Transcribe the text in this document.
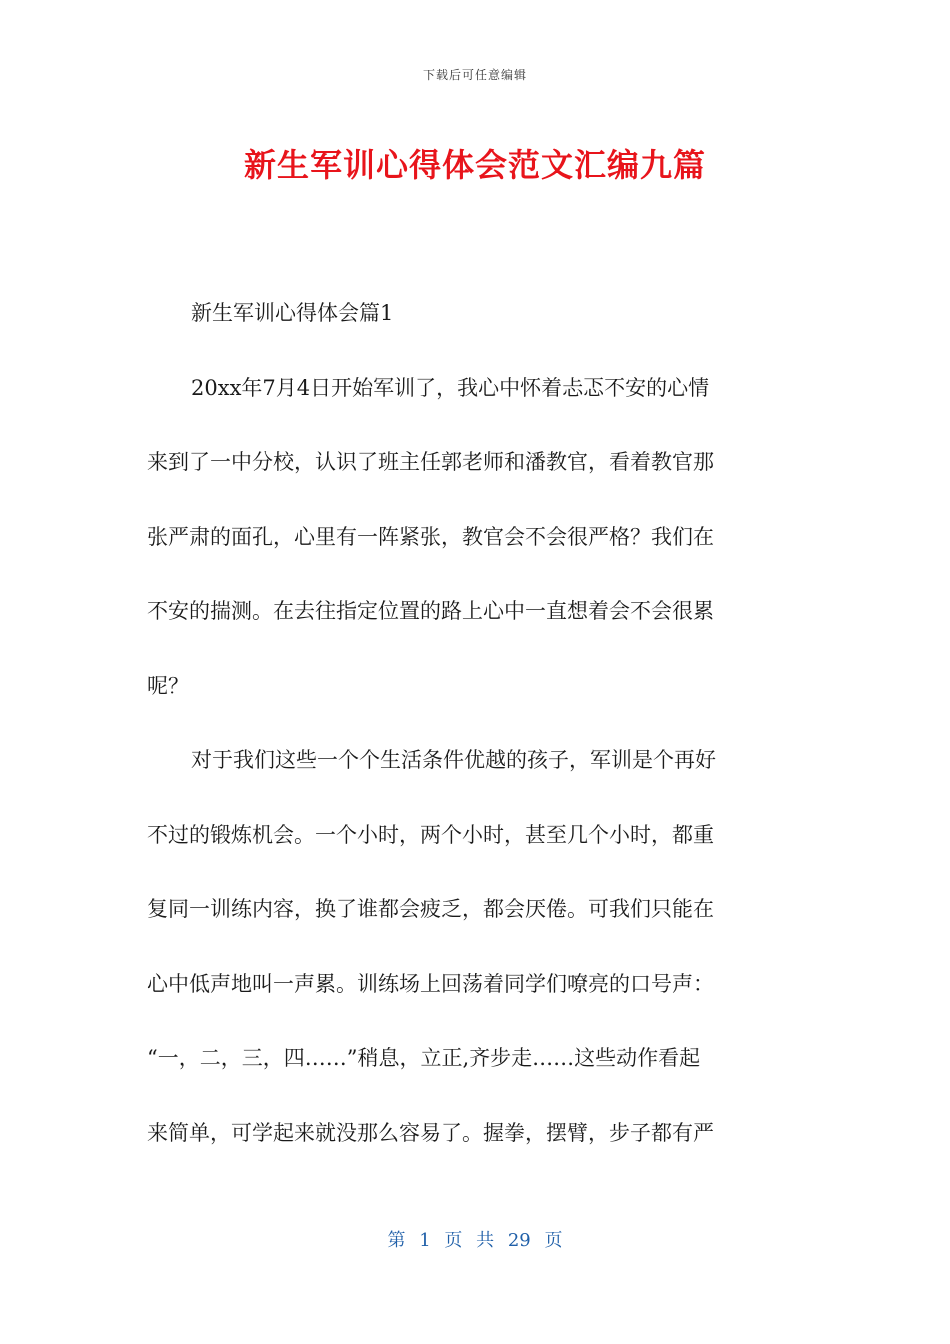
下载后可任意编辑
新生军训心得体会范文汇编九篇
新生军训心得体会篇1
20xx年7月4日开始军训了，我心中怀着忐忑不安的心情
来到了一中分校，认识了班主任郭老师和潘教官，看着教官那
张严肃的面孔，心里有一阵紧张，教官会不会很严格？我们在
不安的揣测。在去往指定位置的路上心中一直想着会不会很累
呢？
对于我们这些一个个生活条件优越的孩子，军训是个再好
不过的锻炼机会。一个小时，两个小时，甚至几个小时，都重
复同一训练内容，换了谁都会疲乏，都会厌倦。可我们只能在
心中低声地叫一声累。训练场上回荡着同学们嘹亮的口号声：
“一，二，三，四……”稍息，立正,齐步走……这些动作看起
来简单，可学起来就没那么容易了。握拳，摆臂，步子都有严
第 1 页 共 29 页
